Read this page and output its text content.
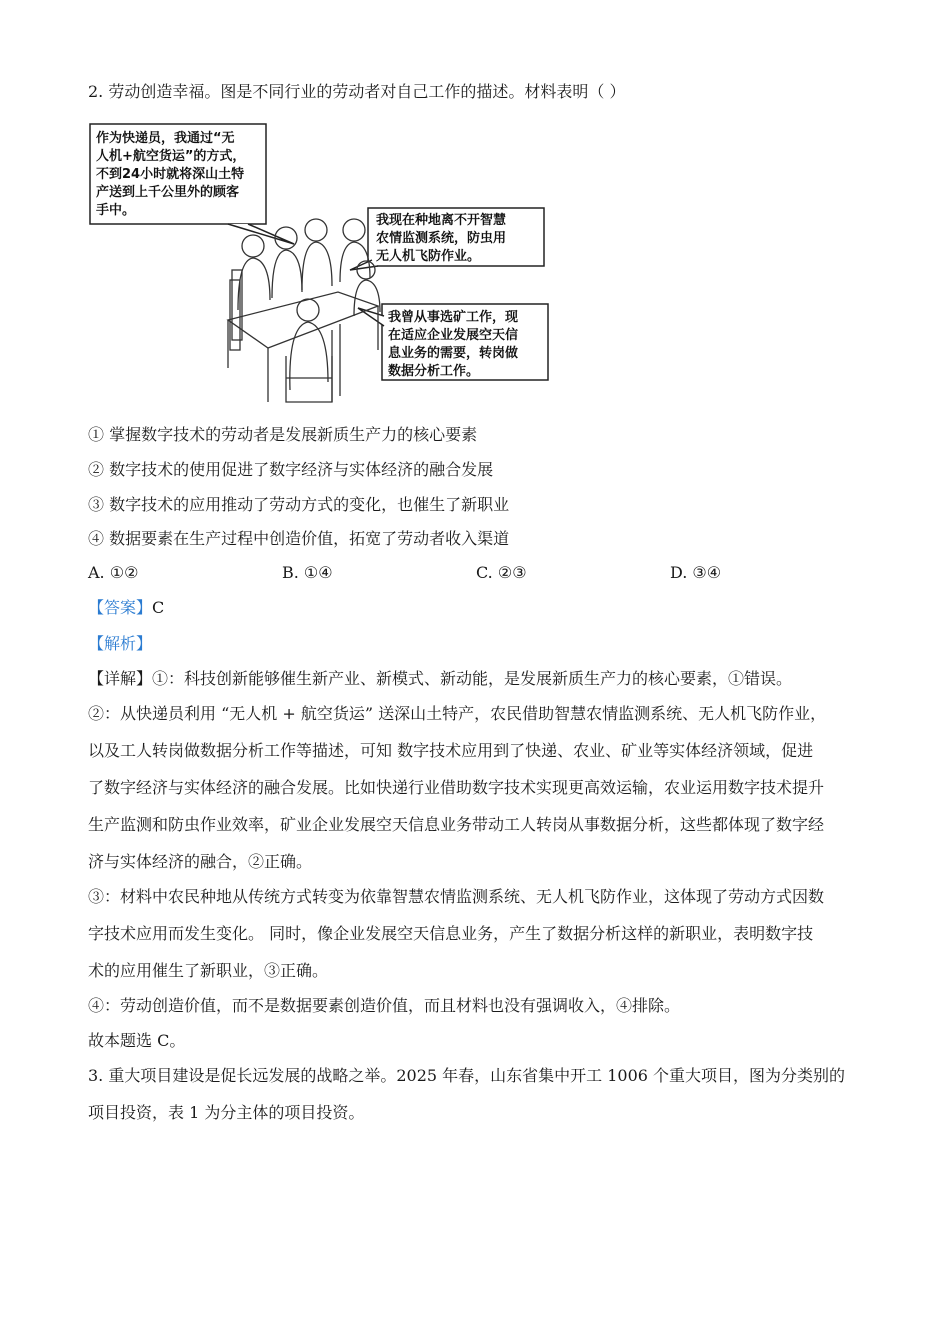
2. 劳动创造幸福。图是不同行业的劳动者对自己工作的描述。材料表明（ ）
作为快递员，我通过“无人机+航空货运”的方式，不到24小时就将深山土特产送到上千公里外的顾客手中。
我现在种地离不开智慧农情监测系统，防虫用无人机飞防作业。
我曾从事选矿工作，现在适应企业发展空天信息业务的需要，转岗做数据分析工作。
① 掌握数字技术的劳动者是发展新质生产力的核心要素
② 数字技术的使用促进了数字经济与实体经济的融合发展
③ 数字技术的应用推动了劳动方式的变化，也催生了新职业
④ 数据要素在生产过程中创造价值，拓宽了劳动者收入渠道
A. ①②	B. ①④	C. ②③	D. ③④
【答案】C
【解析】
【详解】①：科技创新能够催生新产业、新模式、新动能，是发展新质生产力的核心要素，①错误。
②：从快递员利用 “无人机 + 航空货运” 送深山土特产，农民借助智慧农情监测系统、无人机飞防作业，
以及工人转岗做数据分析工作等描述，可知 数字技术应用到了快递、农业、矿业等实体经济领域，促进
了数字经济与实体经济的融合发展。比如快递行业借助数字技术实现更高效运输，农业运用数字技术提升
生产监测和防虫作业效率，矿业企业发展空天信息业务带动工人转岗从事数据分析，这些都体现了数字经
济与实体经济的融合，②正确。
③：材料中农民种地从传统方式转变为依靠智慧农情监测系统、无人机飞防作业，这体现了劳动方式因数
字技术应用而发生变化。 同时，像企业发展空天信息业务，产生了数据分析这样的新职业，表明数字技
术的应用催生了新职业，③正确。
④：劳动创造价值，而不是数据要素创造价值，而且材料也没有强调收入，④排除。
故本题选 C。
3. 重大项目建设是促长远发展的战略之举。2025 年春，山东省集中开工 1006 个重大项目，图为分类别的
项目投资，表 1 为分主体的项目投资。
